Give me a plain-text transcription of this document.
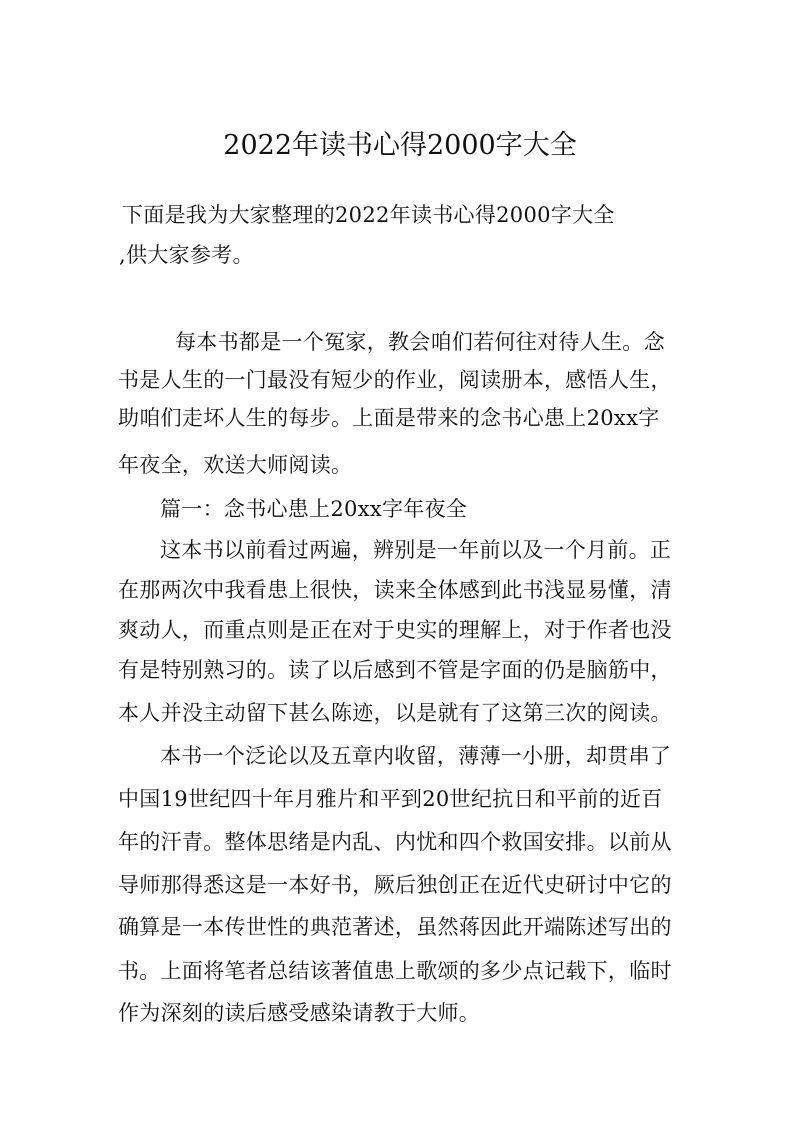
2022年读书心得2000字大全
下面是我为大家整理的2022年读书心得2000字大全
,供大家参考。
每本书都是一个冤家，教会咱们若何往对待人生。念
书是人生的一门最没有短少的作业，阅读册本，感悟人生，
助咱们走坏人生的每步。上面是带来的念书心患上20xx字
年夜全，欢送大师阅读。
篇一：念书心患上20xx字年夜全
这本书以前看过两遍，辨别是一年前以及一个月前。正
在那两次中我看患上很快，读来全体感到此书浅显易懂，清
爽动人，而重点则是正在对于史实的理解上，对于作者也没
有是特别熟习的。读了以后感到不管是字面的仍是脑筋中，
本人并没主动留下甚么陈迹，以是就有了这第三次的阅读。
本书一个泛论以及五章内收留，薄薄一小册，却贯串了
中国19世纪四十年月雅片和平到20世纪抗日和平前的近百
年的汗青。整体思绪是内乱、内忧和四个救国安排。以前从
导师那得悉这是一本好书，厥后独创正在近代史研讨中它的
确算是一本传世性的典范著述，虽然蒋因此开端陈述写出的
书。上面将笔者总结该著值患上歌颂的多少点记载下，临时
作为深刻的读后感受感染请教于大师。
